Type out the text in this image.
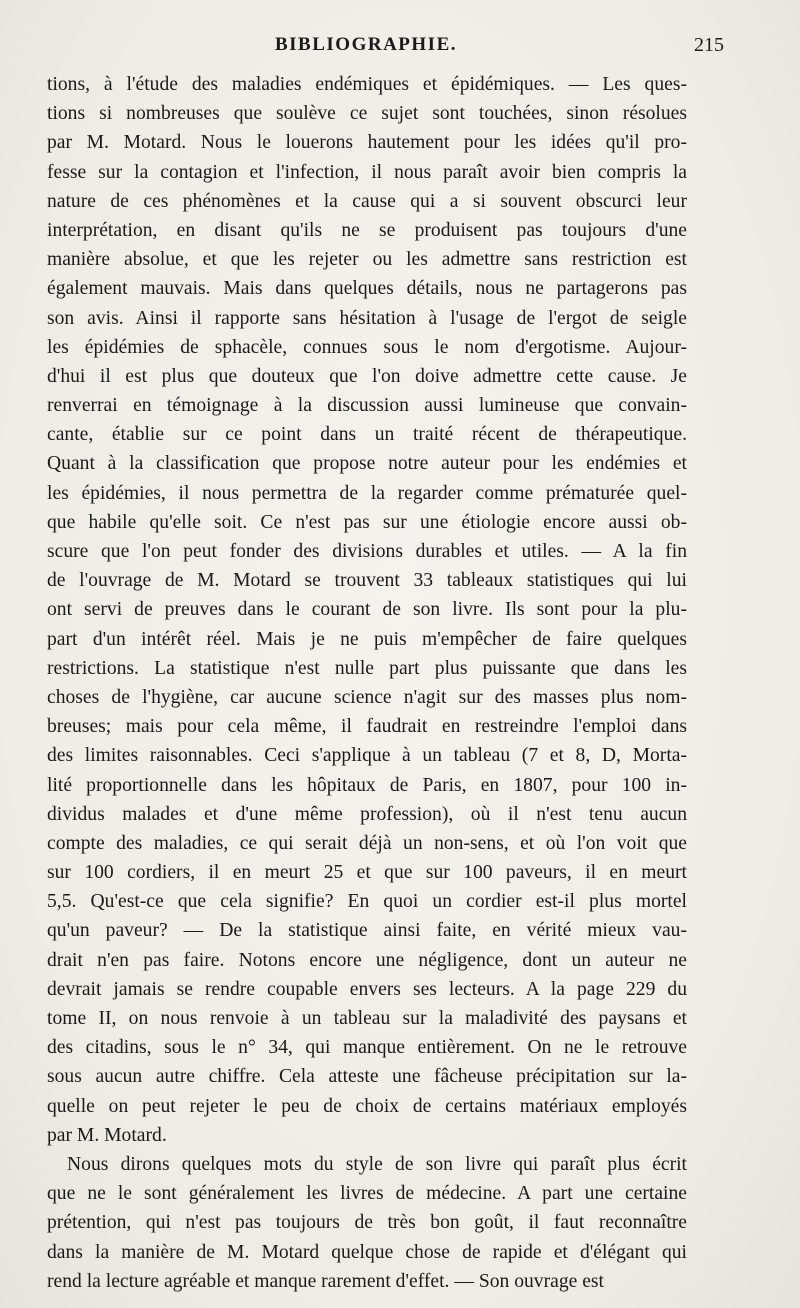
BIBLIOGRAPHIE.	215
tions, à l'étude des maladies endémiques et épidémiques. — Les ques-
tions si nombreuses que soulève ce sujet sont touchées, sinon résolues
par M. Motard. Nous le louerons hautement pour les idées qu'il pro-
fesse sur la contagion et l'infection, il nous paraît avoir bien compris la
nature de ces phénomènes et la cause qui a si souvent obscurci leur
interprétation, en disant qu'ils ne se produisent pas toujours d'une
manière absolue, et que les rejeter ou les admettre sans restriction est
également mauvais. Mais dans quelques détails, nous ne partagerons pas
son avis. Ainsi il rapporte sans hésitation à l'usage de l'ergot de seigle
les épidémies de sphacèle, connues sous le nom d'ergotisme. Aujour-
d'hui il est plus que douteux que l'on doive admettre cette cause. Je
renverrai en témoignage à la discussion aussi lumineuse que convain-
cante, établie sur ce point dans un traité récent de thérapeutique.
Quant à la classification que propose notre auteur pour les endémies et
les épidémies, il nous permettra de la regarder comme prématurée quel-
que habile qu'elle soit. Ce n'est pas sur une étiologie encore aussi ob-
scure que l'on peut fonder des divisions durables et utiles. — A la fin
de l'ouvrage de M. Motard se trouvent 33 tableaux statistiques qui lui
ont servi de preuves dans le courant de son livre. Ils sont pour la plu-
part d'un intérêt réel. Mais je ne puis m'empêcher de faire quelques
restrictions. La statistique n'est nulle part plus puissante que dans les
choses de l'hygiène, car aucune science n'agit sur des masses plus nom-
breuses; mais pour cela même, il faudrait en restreindre l'emploi dans
des limites raisonnables. Ceci s'applique à un tableau (7 et 8, D, Morta-
lité proportionnelle dans les hôpitaux de Paris, en 1807, pour 100 in-
dividus malades et d'une même profession), où il n'est tenu aucun
compte des maladies, ce qui serait déjà un non-sens, et où l'on voit que
sur 100 cordiers, il en meurt 25 et que sur 100 paveurs, il en meurt
5,5. Qu'est-ce que cela signifie? En quoi un cordier est-il plus mortel
qu'un paveur? — De la statistique ainsi faite, en vérité mieux vau-
drait n'en pas faire. Notons encore une négligence, dont un auteur ne
devrait jamais se rendre coupable envers ses lecteurs. A la page 229 du
tome II, on nous renvoie à un tableau sur la maladivité des paysans et
des citadins, sous le n° 34, qui manque entièrement. On ne le retrouve
sous aucun autre chiffre. Cela atteste une fâcheuse précipitation sur la-
quelle on peut rejeter le peu de choix de certains matériaux employés
par M. Motard.
Nous dirons quelques mots du style de son livre qui paraît plus écrit
que ne le sont généralement les livres de médecine. A part une certaine
prétention, qui n'est pas toujours de très bon goût, il faut reconnaître
dans la manière de M. Motard quelque chose de rapide et d'élégant qui
rend la lecture agréable et manque rarement d'effet. — Son ouvrage est
